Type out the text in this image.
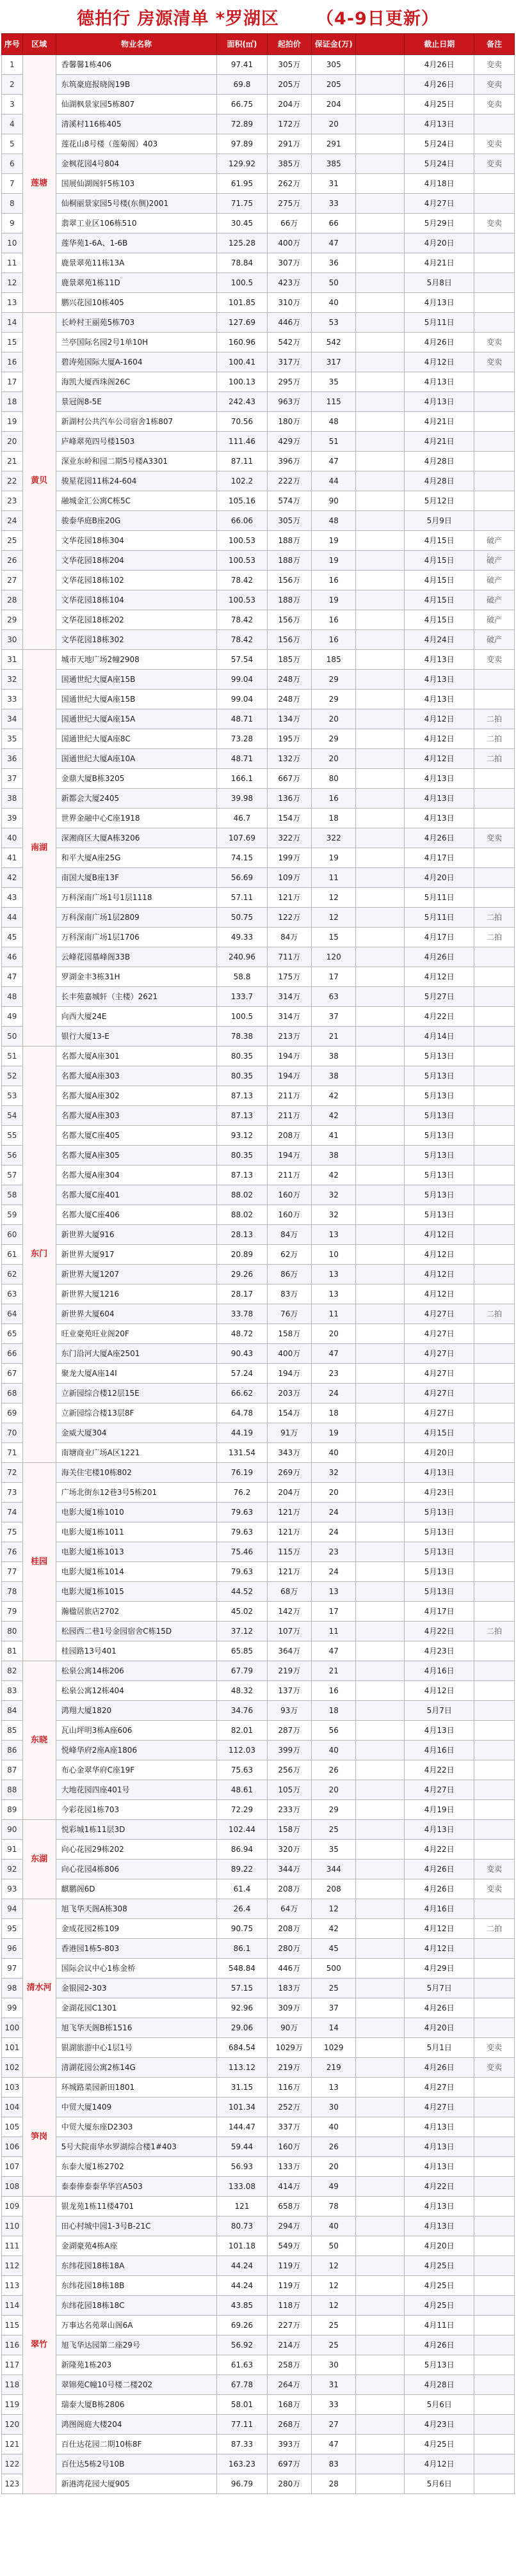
德拍行 房源清单 *罗湖区 （4-9日更新）
序号	区域	物业名称	面积(㎡)	起拍价	保证金(万)		截止日期	备注
1	莲塘	香馨馨1栋406	97.41	305万	305		4月26日	变卖
2		东筑豪庭报晓阁19B	69.8	205万	205		4月26日	变卖
3		仙湖枫景家园5栋807	66.75	204万	204		4月25日	变卖
4		清溪村116栋405	72.89	172万	20		4月13日	
5		莲花山8号楼（莲菊阁）403	97.89	291万	291		5月24日	变卖
6		金枫花园4号804	129.92	385万	385		5月24日	变卖
7		国展仙湖阁轩5栋103	61.95	262万	31		4月18日	
8		仙桐丽景家园5号楼(东侧)2001	71.75	275万	33		4月27日	
9		翡翠工业区106栋510	30.45	66万	66		5月29日	变卖
10		莲华苑1-6A、1-6B	125.28	400万	47		4月20日	
11		鹿景翠苑11栋13A	78.84	307万	36		4月21日	
12		鹿景翠苑1栋11D	100.5	423万	50		5月8日	
13		鹏兴花园10栋405	101.85	310万	40		4月13日	
14	黄贝	长岭村王丽苑5栋703	127.69	446万	53		5月11日	
15		兰亭国际名园2号1单10H	160.96	542万	542		4月26日	变卖
16		碧涛苑国际大厦A-1604	100.41	317万	317		4月12日	变卖
17		海凯大厦西珠阁26C	100.13	295万	35		4月13日	
18		景冠阁8-5E	242.43	963万	115		4月13日	
19		新湖村公共汽车公司宿舍1栋807	70.56	180万	48		4月21日	
20		庐峰翠苑四号楼1503	111.46	429万	51		4月21日	
21		深业东岭和园二期5号楼A3301	87.11	396万	47		4月28日	
22		骏星花园11栋24-604	102.2	222万	44		4月28日	
23		融城金汇公寓C栋5C	105.16	574万	90		5月12日	
24		骏泰华庭B座20G	66.06	305万	48		5月9日	
25		文华花园18栋304	100.53	188万	19		4月15日	破产
26		文华花园18栋204	100.53	188万	19		4月15日	破产
27		文华花园18栋102	78.42	156万	16		4月15日	破产
28		文华花园18栋104	100.53	188万	19		4月15日	破产
29		文华花园18栋202	78.42	156万	16		4月15日	破产
30		文华花园18栋302	78.42	156万	16		4月24日	破产
31	南湖	城市天地广场2幢2908	57.54	185万	185		4月13日	变卖
32		国通世纪大厦A座15B	99.04	248万	29		4月13日	
33		国通世纪大厦A座15B	99.04	248万	29		4月13日	
34		国通世纪大厦A座15A	48.71	134万	20		4月12日	二拍
35		国通世纪大厦A座8C	73.28	195万	29		4月12日	二拍
36		国通世纪大厦A座10A	48.71	132万	20		4月12日	二拍
37		金鼎大厦B栋3205	166.1	667万	80		4月13日	
38		新都会大厦2405	39.98	136万	16		4月13日	
39		世界金融中心C座1918	46.7	154万	18		4月13日	
40		深湘商区大厦A栋3206	107.69	322万	322		4月26日	变卖
41		和平大厦A座25G	74.15	199万	19		4月17日	
42		南国大厦B座13F	56.69	109万	11		4月20日	
43		万科深南广场1号1层1118	57.11	121万	12		5月11日	
44		万科深南广场1层2809	50.75	122万	12		5月11日	二拍
45		万科深南广场1层1706	49.33	84万	15		4月17日	二拍
46		云峰花园慕峰阁33B	240.96	711万	120		4月26日	
47		罗湖金丰3栋31H	58.8	175万	17		4月12日	
48		长丰苑嘉城轩（主楼）2621	133.7	314万	63		5月27日	
49		向西大厦24E	100.5	314万	37		4月22日	
50		银行大厦13-E	78.38	213万	21		4月14日	
51	东门	名都大厦A座301	80.35	194万	38		5月13日	
52		名都大厦A座303	80.35	194万	38		5月13日	
53		名都大厦A座302	87.13	211万	42		5月13日	
54		名都大厦A座303	87.13	211万	42		5月13日	
55		名都大厦C座405	93.12	208万	41		5月13日	
56		名都大厦A座305	80.35	194万	38		5月13日	
57		名都大厦A座304	87.13	211万	42		5月13日	
58		名都大厦C座401	88.02	160万	32		5月13日	
59		名都大厦C座406	88.02	160万	32		5月13日	
60		新世界大厦916	28.13	84万	13		4月12日	
61		新世界大厦917	20.89	62万	10		4月12日	
62		新世界大厦1207	29.26	86万	13		4月12日	
63		新世界大厦1216	28.17	83万	13		4月12日	
64		新世界大厦604	33.78	76万	11		4月27日	二拍
65		旺业豪苑旺业阁20F	48.72	158万	20		4月27日	
66		东门沿河大厦A座2501	90.43	400万	47		4月27日	
67		聚龙大厦A座14I	57.24	194万	23		4月27日	
68		立新园综合楼12层15E	66.62	203万	24		4月27日	
69		立新园综合楼13层8F	64.78	154万	18		4月27日	
70		金威大厦304	44.19	91万	19		4月15日	
71		南塘商业广场A区1221	131.54	343万	40		4月20日	
72	桂园	海关住宅楼10栋802	76.19	269万	32		4月13日	
73		广场北街东12巷3号5栋201	76.2	204万	20		4月23日	
74		电影大厦1栋1010	79.63	121万	24		5月13日	
75		电影大厦1栋1011	79.63	121万	24		5月13日	
76		电影大厦1栋1013	75.46	115万	23		5月13日	
77		电影大厦1栋1014	79.63	121万	24		5月13日	
78		电影大厦1栋1015	44.52	68万	13		5月13日	
79		瀚楹居旅店2702	45.02	142万	17		4月17日	
80		松园西二巷1号金园宿舍C栋15D	37.12	107万	11		4月22日	二拍
81		桂园路13号401	65.85	364万	47		4月23日	
82	东晓	松泉公寓14栋206	67.79	219万	21		4月16日	
83		松泉公寓12栋404	48.32	137万	16		4月12日	
84		鸿翔大厦1820	34.76	93万	18		5月7日	
85		瓦山坪明3栋A座606	82.01	287万	56		4月13日	
86		悦峰华府2座A座1806	112.03	399万	40		4月16日	
87		布心金翠华府C座19F	75.63	256万	26		4月22日	
88		大地花园四座401号	48.61	105万	20		4月27日	
89		今彩花园1栋703	72.29	233万	29		4月19日	
90	东湖	悦彩城1栋11层3D	102.44	158万	25		4月13日	
91		向心花园29栋202	86.94	320万	35		4月22日	
92		向心花园4栋806	89.22	344万	344		4月26日	变卖
93		麒鹏阁6D	61.4	208万	208		4月26日	变卖
94	清水河	旭飞华天阁A栋308	26.4	64万	12		4月16日	
95		金成花园2栋109	90.75	208万	42		4月12日	二拍
96		香港园1栋5-803	86.1	280万	45		4月12日	
97		国际会议中心1栋金桥	548.84	446万	500		4月29日	
98		金银园2-303	57.15	183万	25		5月7日	
99		金湖花园C1301	92.96	309万	37		4月26日	
100		旭飞华天阁B栋1516	29.06	90万	14		4月20日	
101		银湖旅游中心1层1号	684.54	1029万	1029		5月1日	变卖
102		清湖花园公寓2栋14G	113.12	219万	219		4月26日	变卖
103	笋岗	环城路菜园新田1801	31.15	116万	13		4月27日	
104		中贸大厦1409	101.34	252万	30		4月27日	
105		中贸大厦东座D2303	144.47	337万	40		4月13日	
106		5号大院南华水罗湖综合楼1#403	59.44	160万	26		4月13日	
107		东泰大厦1栋2702	56.93	133万	20		4月13日	
108		泰泰俸泰泰华华宫A503	133.08	414万	49		4月22日	
109	翠竹	银龙苑1栋11楼4701	121	658万	78		4月13日	
110		田心村城中园1-3号B-21C	80.73	294万	40		4月13日	
111		金湖豪苑4栋A座	101.18	549万	50		4月20日	
112		东纬花园18栋18A	44.24	119万	12		4月25日	
113		东纬花园18栋18B	44.24	119万	12		4月25日	
114		东纬花园18栋18C	43.85	118万	12		4月25日	
115		万事达名苑翠山阁6A	69.26	227万	25		4月11日	
116		旭飞华达园第二座29号	56.92	214万	25		4月26日	
117		新隆苑1栋203	61.63	258万	30		5月13日	
118		翠锦苑C幢10号楼二楼202	67.78	264万	31		4月28日	
119		瑞泰大厦B栋2806	58.01	168万	33		5月6日	
120		鸿图阁庭大楼204	77.11	268万	27		4月23日	
121		百仕达花园二期10栋8F	87.33	393万	47		4月25日	
122		百仕达5栋2号10B	163.23	697万	83		4月12日	
123		新港湾花园大厦905	96.79	280万	28		5月6日	
